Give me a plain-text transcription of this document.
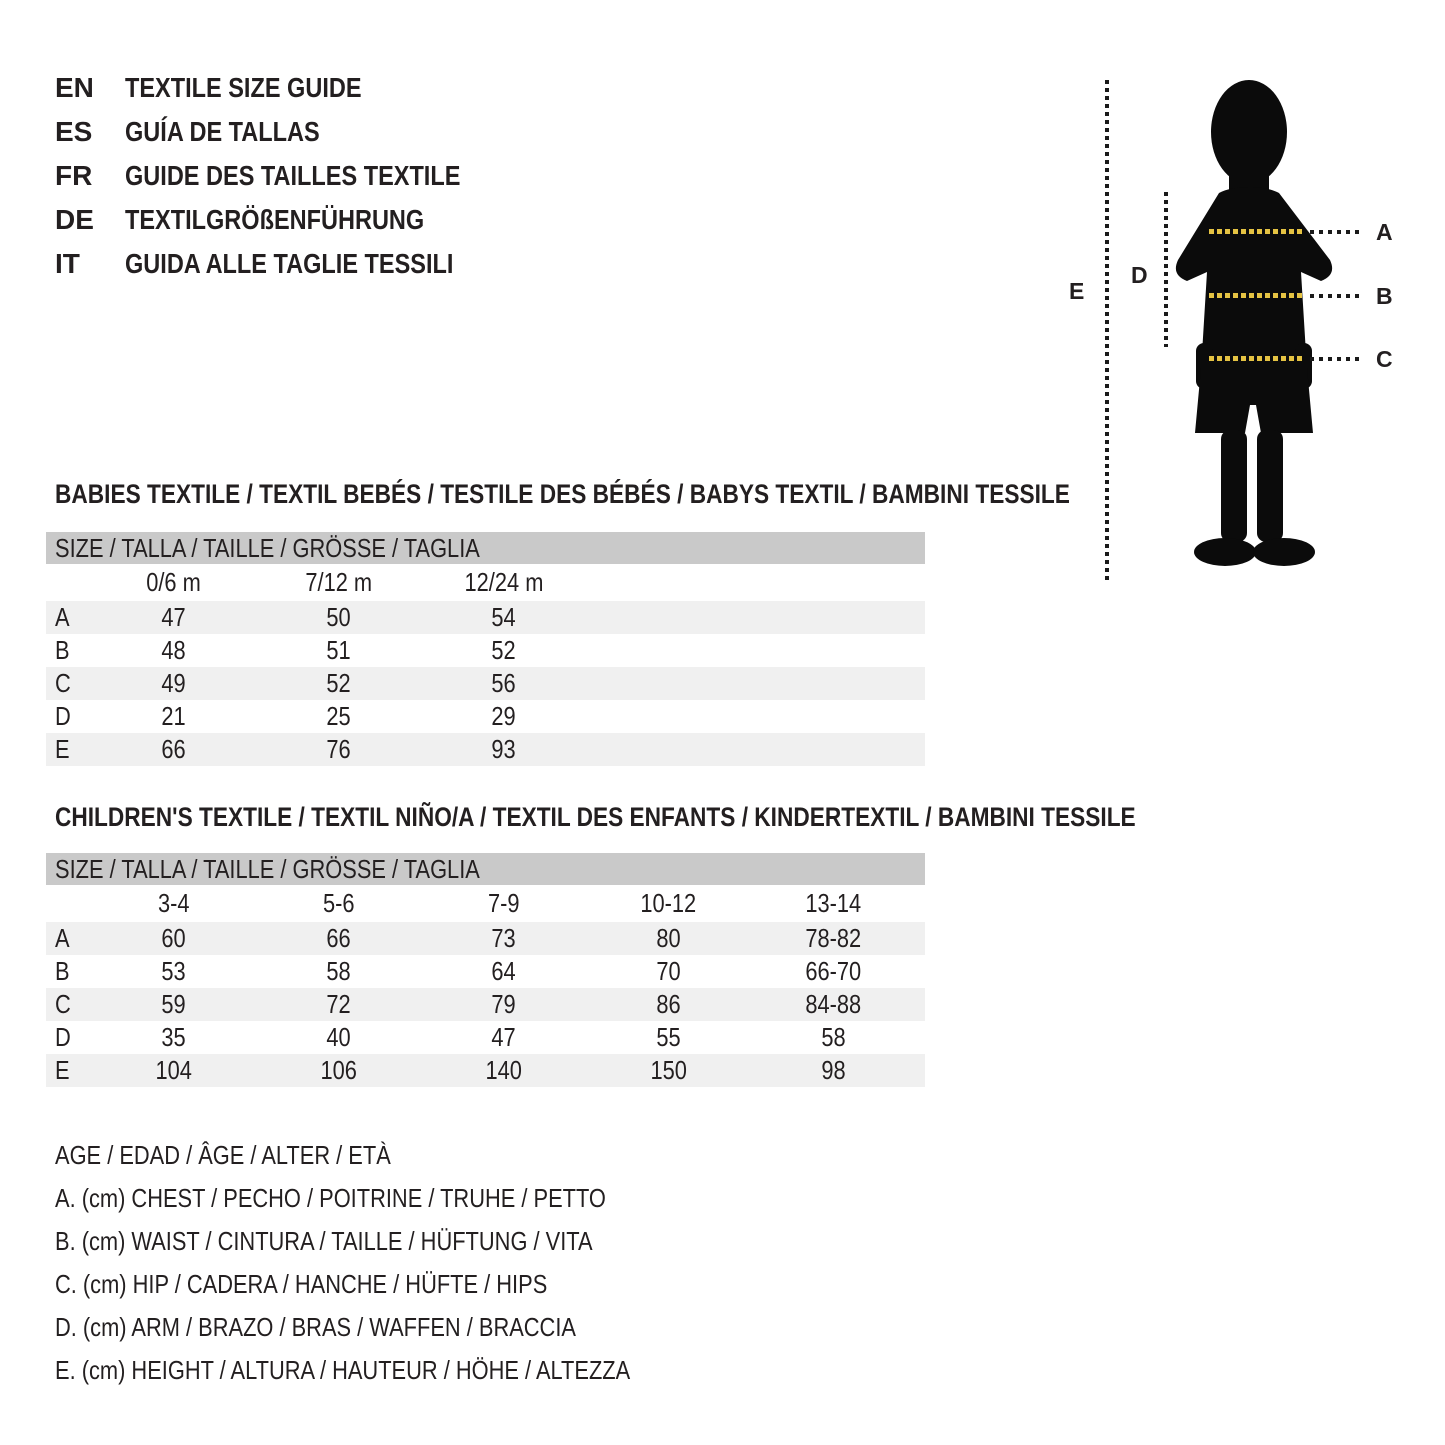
EN	TEXTILE SIZE GUIDE
ES	GUÍA DE TALLAS
FR	GUIDE DES TAILLES TEXTILE
DE	TEXTILGRÖßENFÜHRUNG
IT	GUIDA ALLE TAGLIE TESSILI
E
D
A
B
C
BABIES TEXTILE / TEXTIL BEBÉS / TESTILE DES BÉBÉS / BABYS TEXTIL / BAMBINI TESSILE
SIZE / TALLA / TAILLE / GRÖSSE / TAGLIA
	0/6 m	7/12 m	12/24 m	
A	47	50	54	
B	48	51	52	
C	49	52	56	
D	21	25	29	
E	66	76	93	
CHILDREN'S TEXTILE / TEXTIL NIÑO/A / TEXTIL DES ENFANTS / KINDERTEXTIL / BAMBINI TESSILE
SIZE / TALLA / TAILLE / GRÖSSE / TAGLIA
	3-4	5-6	7-9	10-12	13-14	
A	60	66	73	80	78-82	
B	53	58	64	70	66-70	
C	59	72	79	86	84-88	
D	35	40	47	55	58	
E	104	106	140	150	98	
AGE / EDAD / ÂGE / ALTER / ETÀ
A. (cm) CHEST / PECHO / POITRINE / TRUHE / PETTO
B. (cm) WAIST / CINTURA / TAILLE / HÜFTUNG / VITA
C. (cm) HIP / CADERA / HANCHE / HÜFTE / HIPS
D. (cm) ARM / BRAZO / BRAS / WAFFEN / BRACCIA
E. (cm) HEIGHT / ALTURA / HAUTEUR / HÖHE / ALTEZZA
